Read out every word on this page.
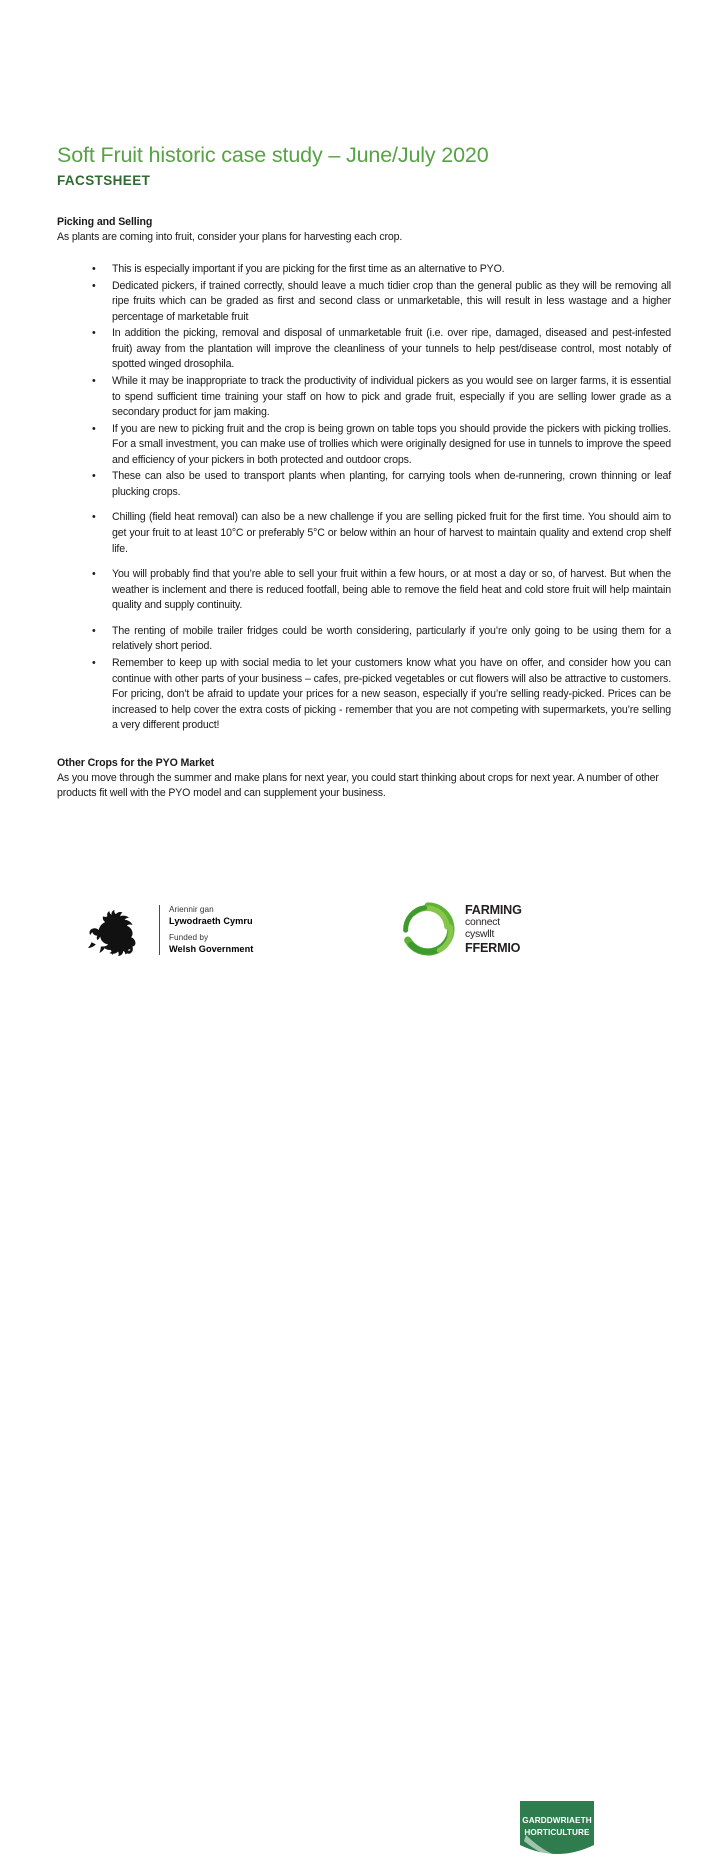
Soft Fruit historic case study – June/July 2020
FACSTSHEET
Picking and Selling

As plants are coming into fruit, consider your plans for harvesting each crop.

• This is especially important if you are picking for the first time as an alternative to PYO.
• Dedicated pickers, if trained correctly, should leave a much tidier crop than the general public as they will be removing all ripe fruits which can be graded as first and second class or unmarketable, this will result in less wastage and a higher percentage of marketable fruit
• In addition the picking, removal and disposal of unmarketable fruit (i.e. over ripe, damaged, diseased and pest-infested fruit) away from the plantation will improve the cleanliness of your tunnels to help pest/disease control, most notably of spotted winged drosophila.
• While it may be inappropriate to track the productivity of individual pickers as you would see on larger farms, it is essential to spend sufficient time training your staff on how to pick and grade fruit, especially if you are selling lower grade as a secondary product for jam making.
• If you are new to picking fruit and the crop is being grown on table tops you should provide the pickers with picking trollies. For a small investment, you can make use of trollies which were originally designed for use in tunnels to improve the speed and efficiency of your pickers in both protected and outdoor crops.
• These can also be used to transport plants when planting, for carrying tools when de-runnering, crown thinning or leaf plucking crops.
• Chilling (field heat removal) can also be a new challenge if you are selling picked fruit for the first time. You should aim to get your fruit to at least 10°C or preferably 5°C or below within an hour of harvest to maintain quality and extend crop shelf life.
• You will probably find that you’re able to sell your fruit within a few hours, or at most a day or so, of harvest. But when the weather is inclement and there is reduced footfall, being able to remove the field heat and cold store fruit will help maintain quality and supply continuity.
• The renting of mobile trailer fridges could be worth considering, particularly if you’re only going to be using them for a relatively short period.
• Remember to keep up with social media to let your customers know what you have on offer, and consider how you can continue with other parts of your business – cafes, pre-picked vegetables or cut flowers will also be attractive to customers. For pricing, don’t be afraid to update your prices for a new season, especially if you’re selling ready-picked. Prices can be increased to help cover the extra costs of picking - remember that you are not competing with supermarkets, you’re selling a very different product!
Other Crops for the PYO Market

As you move through the summer and make plans for next year, you could start thinking about crops for next year. A number of other products fit well with the PYO model and can supplement your business.

Ariennir gan
Lywodraeth Cymru
Funded by
Welsh Government
FARMING
connect
cyswllt
FFERMIO
GARDDWRIAETH
HORTICULTURE
